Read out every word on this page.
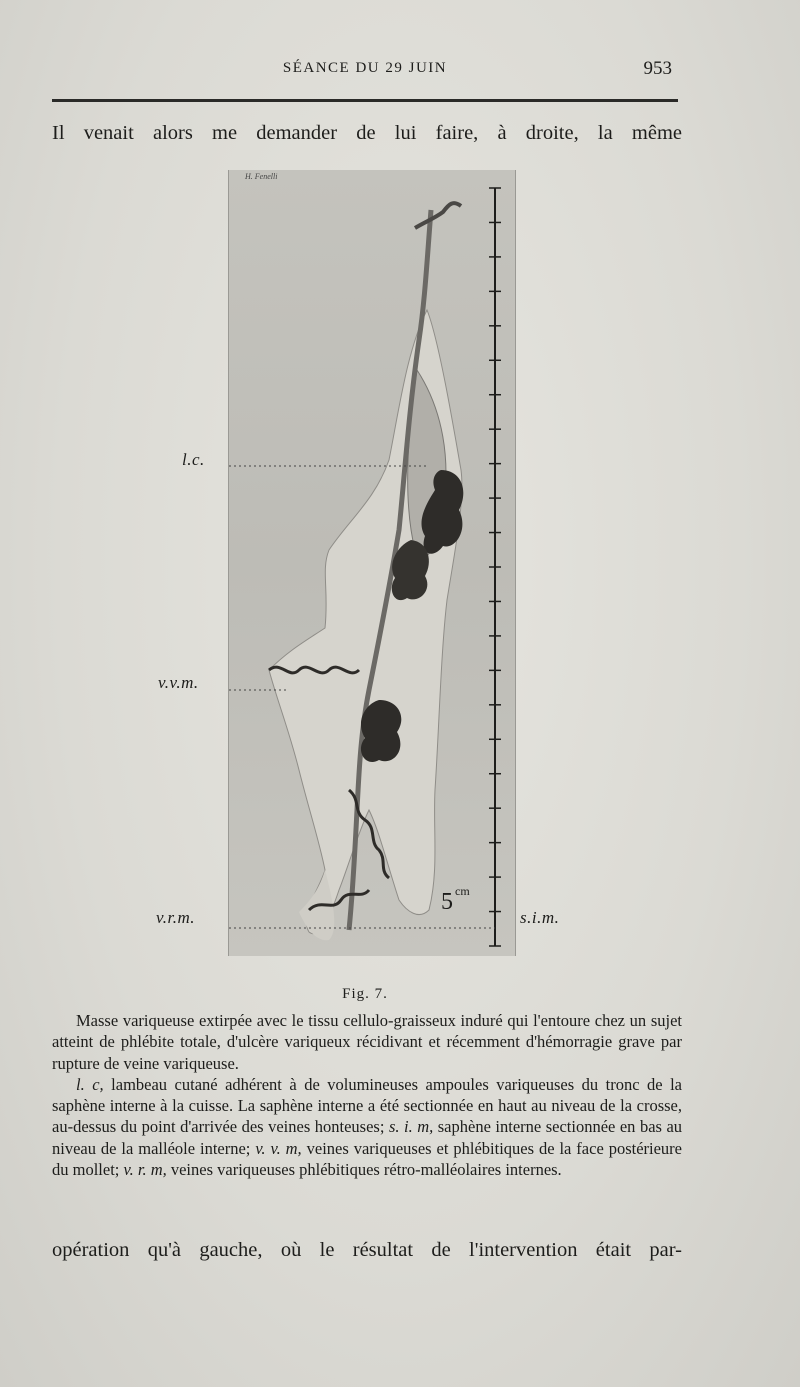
SÉANCE DU 29 JUIN	953
Il venait alors me demander de lui faire, à droite, la même
H. Fenelli
l.c.
v.v.m.
v.r.m.	s.i.m.
5 $^{cm}$
Fig. 7.

Masse variqueuse extirpée avec le tissu cellulo-graisseux induré qui l'entoure chez un sujet atteint de phlébite totale, d'ulcère variqueux récidivant et récemment d'hémorragie grave par rupture de veine variqueuse.

l. c, lambeau cutané adhérent à de volumineuses ampoules variqueuses du tronc de la saphène interne à la cuisse. La saphène interne a été sectionnée en haut au niveau de la crosse, au-dessus du point d'arrivée des veines honteuses; s. i. m, saphène interne sectionnée en bas au niveau de la malléole interne; v. v. m, veines variqueuses et phlébitiques de la face postérieure du mollet; v. r. m, veines variqueuses phlébitiques rétro-malléolaires internes.

opération qu'à gauche, où le résultat de l'intervention était par-
